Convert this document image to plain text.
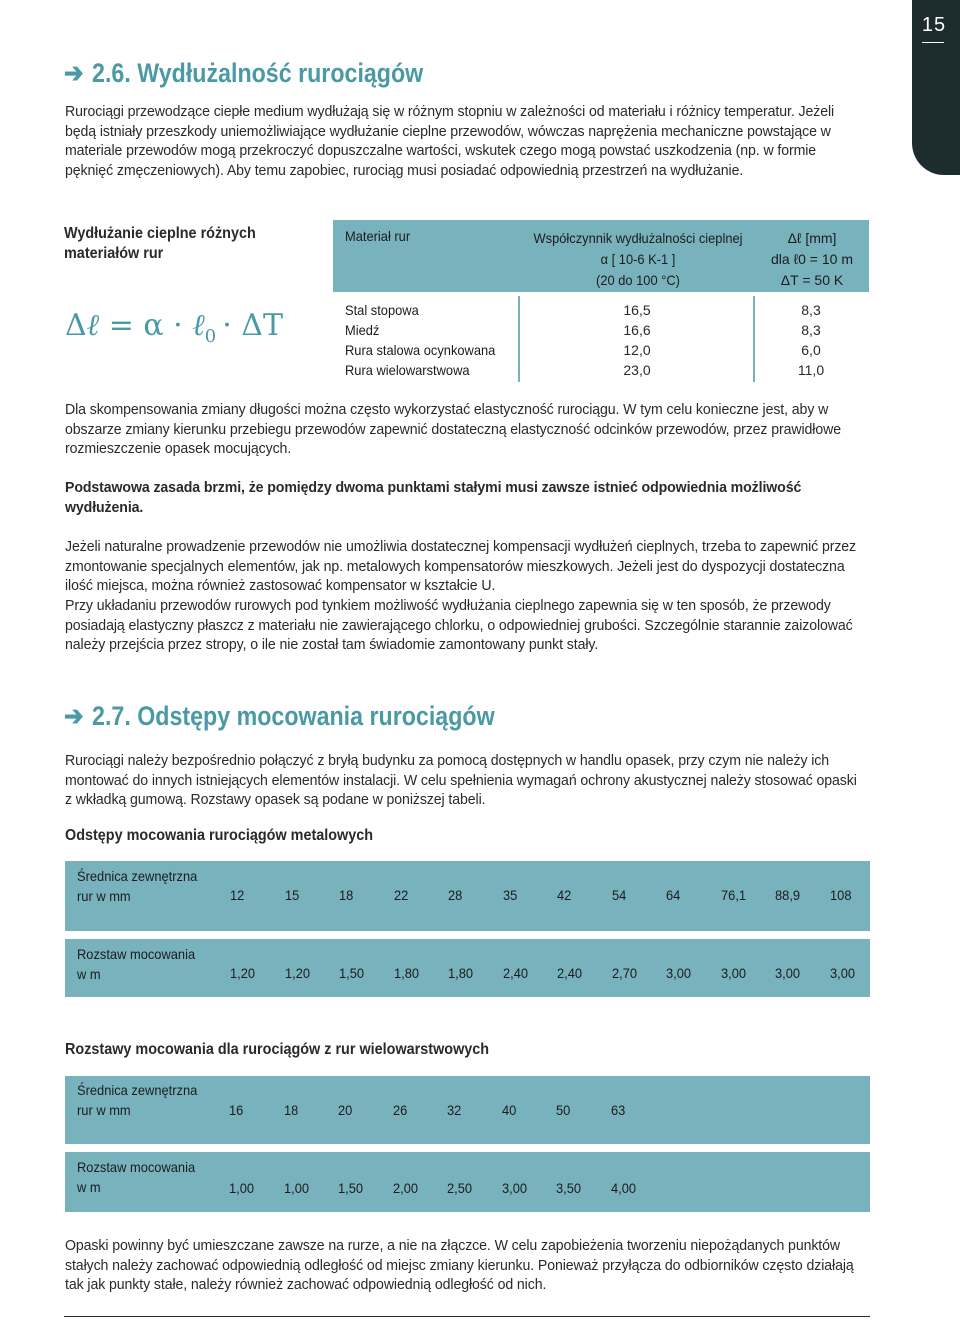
15
➔ 2.6. Wydłużalność rurociągów
Rurociągi przewodzące ciepłe medium wydłużają się w różnym stopniu w zależności od materiału i różnicy temperatur. Jeżeli będą istniały przeszkody uniemożliwiające wydłużanie cieplne przewodów, wówczas naprężenia mechaniczne powstające w materiale przewodów mogą przekroczyć dopuszczalne wartości, wskutek czego mogą powstać uszkodzenia (np. w formie pęknięć zmęczeniowych). Aby temu zapobiec, rurociąg musi posiadać odpowiednią przestrzeń na wydłużanie.
Wydłużanie cieplne różnych
materiałów rur
Δℓ = α · ℓ$_0$ · ΔT
Materiał rur	Współczynnik wydłużalności cieplnej
α [ 10-6 K-1 ]
(20 do 100 °C)
Δℓ [mm]
dla ℓ0 = 10 m
ΔT = 50 K
Stal stopowa	16,5	8,3
Miedź	16,6	8,3
Rura stalowa ocynkowana	12,0	6,0
Rura wielowarstwowa	23,0	11,0
Dla skompensowania zmiany długości można często wykorzystać elastyczność rurociągu. W tym celu konieczne jest, aby w obszarze zmiany kierunku przebiegu przewodów zapewnić dostateczną elastyczność odcinków przewodów, przez prawidłowe rozmieszczenie opasek mocujących.
Podstawowa zasada brzmi, że pomiędzy dwoma punktami stałymi musi zawsze istnieć odpowiednia możliwość wydłużenia.
Jeżeli naturalne prowadzenie przewodów nie umożliwia dostatecznej kompensacji wydłużeń cieplnych, trzeba to zapewnić przez zmontowanie specjalnych elementów, jak np. metalowych kompensatorów mieszkowych. Jeżeli jest do dyspozycji dostateczna ilość miejsca, można również zastosować kompensator w kształcie U.
Przy układaniu przewodów rurowych pod tynkiem możliwość wydłużania cieplnego zapewnia się w ten sposób, że przewody posiadają elastyczny płaszcz z materiału nie zawierającego chlorku, o odpowiedniej grubości. Szczególnie starannie zaizolować należy przejścia przez stropy, o ile nie został tam świadomie zamontowany punkt stały.
➔ 2.7. Odstępy mocowania rurociągów
Rurociągi należy bezpośrednio połączyć z bryłą budynku za pomocą dostępnych w handlu opasek, przy czym nie należy ich montować do innych istniejących elementów instalacji. W celu spełnienia wymagań ochrony akustycznej należy stosować opaski z wkładką gumową. Rozstawy opasek są podane w poniższej tabeli.
Odstępy mocowania rurociągów metalowych
Średnica zewnętrzna
rur w mm	12	15	18	22	28	35	42	54	64	76,1 88,9 108
Rozstaw mocowania
w m	1,20 1,20 1,50 1,80 1,80 2,40 2,40 2,70 3,00 3,00 3,00 3,00
Rozstawy mocowania dla rurociągów z rur wielowarstwowych
Średnica zewnętrzna
rur w mm	16	18	20	26	32	40	50	63
Rozstaw mocowania
w m	1,00 1,00 1,50 2,00 2,50 3,00 3,50 4,00
Opaski powinny być umieszczane zawsze na rurze, a nie na złączce. W celu zapobieżenia tworzeniu niepożądanych punktów stałych należy zachować odpowiednią odległość od miejsc zmiany kierunku. Ponieważ przyłącza do odbiorników często działają tak jak punkty stałe, należy również zachować odpowiednią odległość od nich.
